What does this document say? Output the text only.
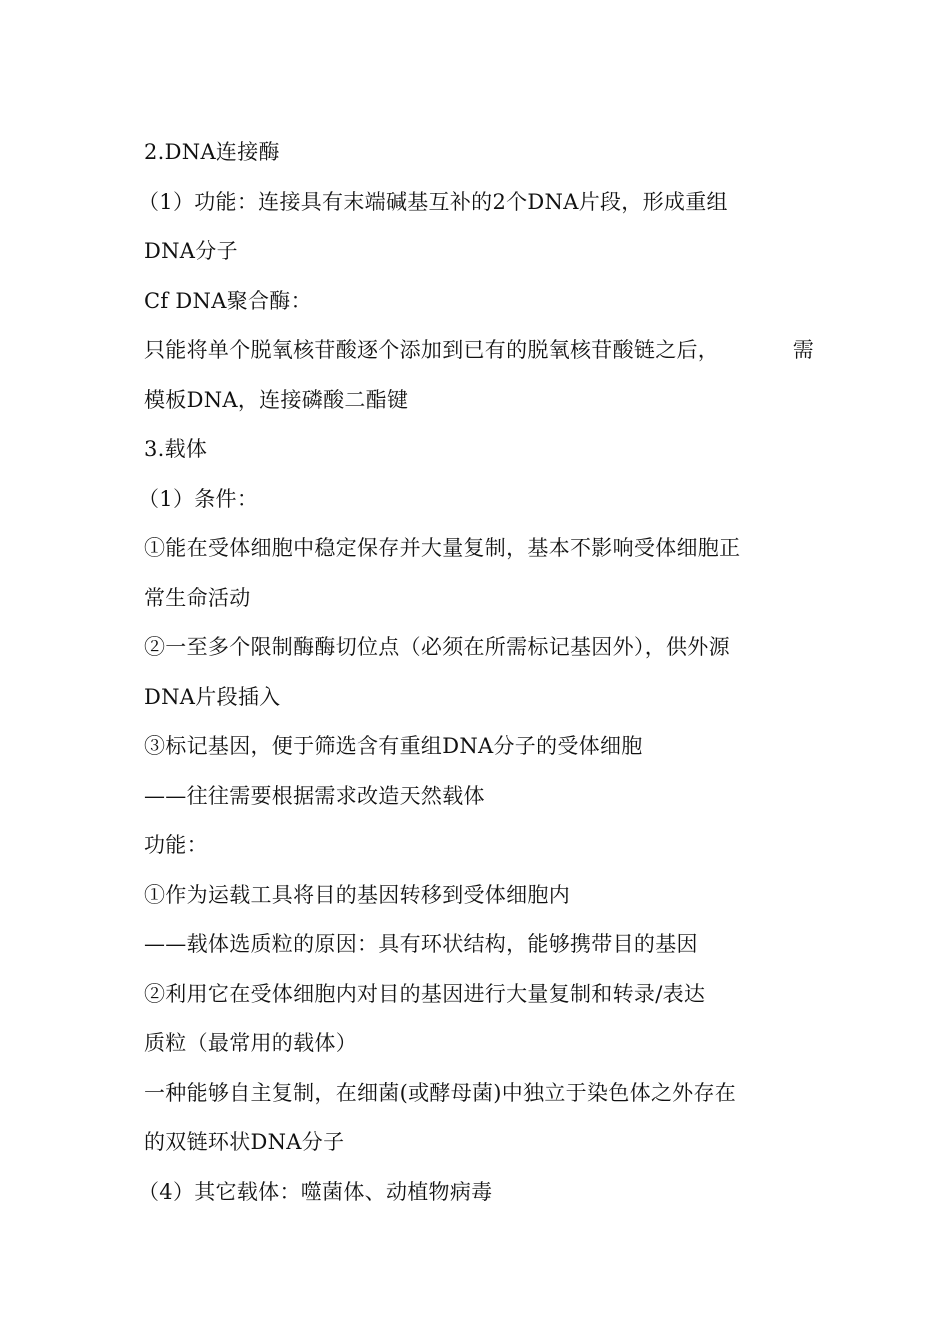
2.DNA连接酶
（1）功能：连接具有末端碱基互补的2个DNA片段，形成重组
DNA分子
Cf DNA聚合酶：
只能将单个脱氧核苷酸逐个添加到已有的脱氧核苷酸链之后，	需
模板DNA，连接磷酸二酯键
3.载体
（1）条件：
①能在受体细胞中稳定保存并大量复制，基本不影响受体细胞正
常生命活动
②一至多个限制酶酶切位点（必须在所需标记基因外），供外源
DNA片段插入
③标记基因，便于筛选含有重组DNA分子的受体细胞
——往往需要根据需求改造天然载体
功能：
①作为运载工具将目的基因转移到受体细胞内
——载体选质粒的原因：具有环状结构，能够携带目的基因
②利用它在受体细胞内对目的基因进行大量复制和转录/表达
质粒（最常用的载体）
一种能够自主复制，在细菌(或酵母菌)中独立于染色体之外存在
的双链环状DNA分子
（4）其它载体：噬菌体、动植物病毒
